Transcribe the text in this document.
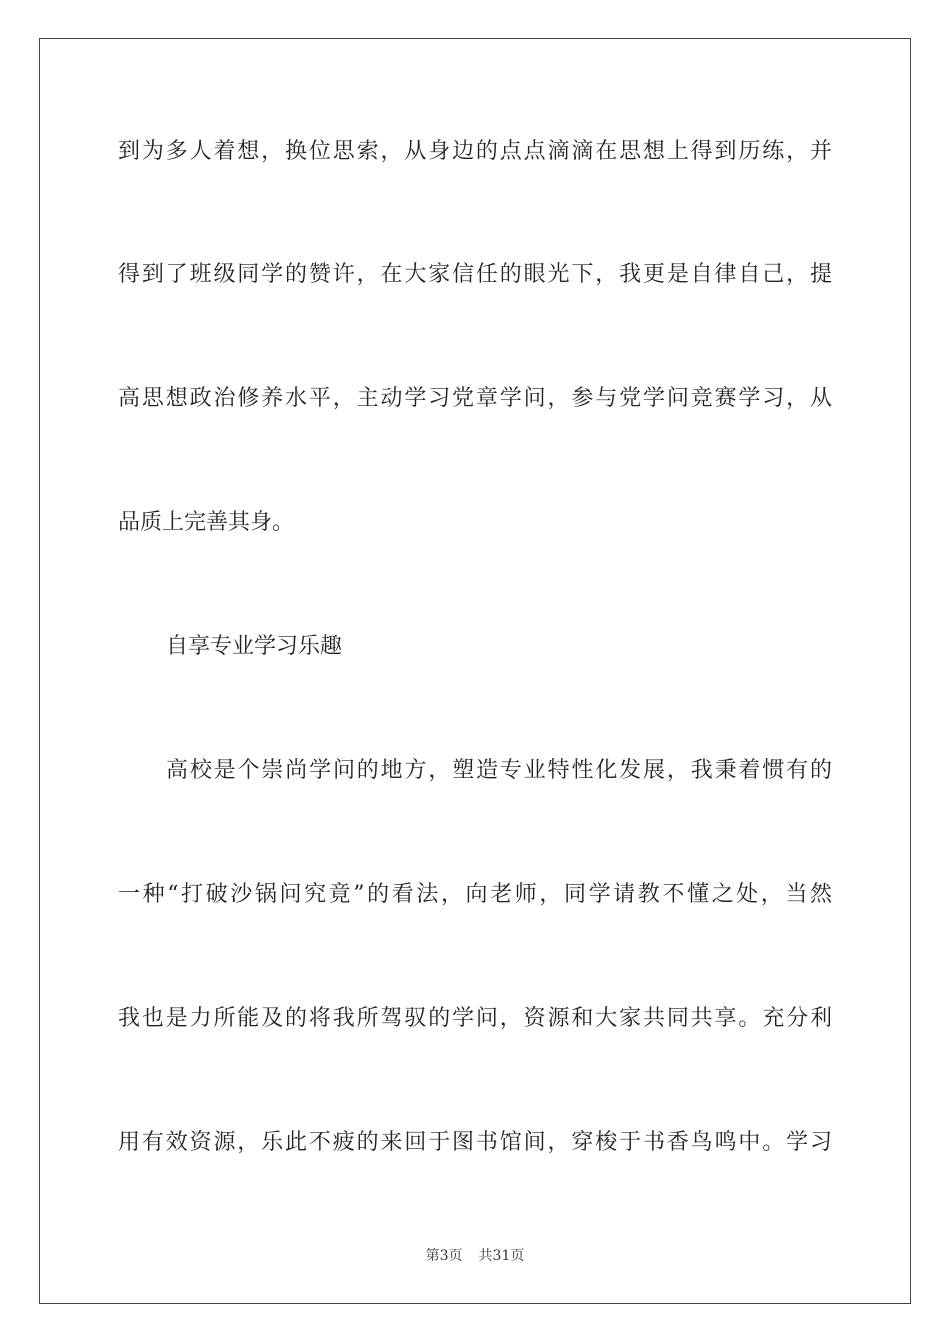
到为多人着想，换位思索，从身边的点点滴滴在思想上得到历练，并
得到了班级同学的赞许，在大家信任的眼光下，我更是自律自己，提
高思想政治修养水平，主动学习党章学问，参与党学问竞赛学习，从
品质上完善其身。
自享专业学习乐趣
高校是个崇尚学问的地方，塑造专业特性化发展，我秉着惯有的
一种“打破沙锅问究竟”的看法，向老师，同学请教不懂之处，当然
我也是力所能及的将我所驾驭的学问，资源和大家共同共享。充分利
用有效资源，乐此不疲的来回于图书馆间，穿梭于书香鸟鸣中。学习
第3页 共31页
